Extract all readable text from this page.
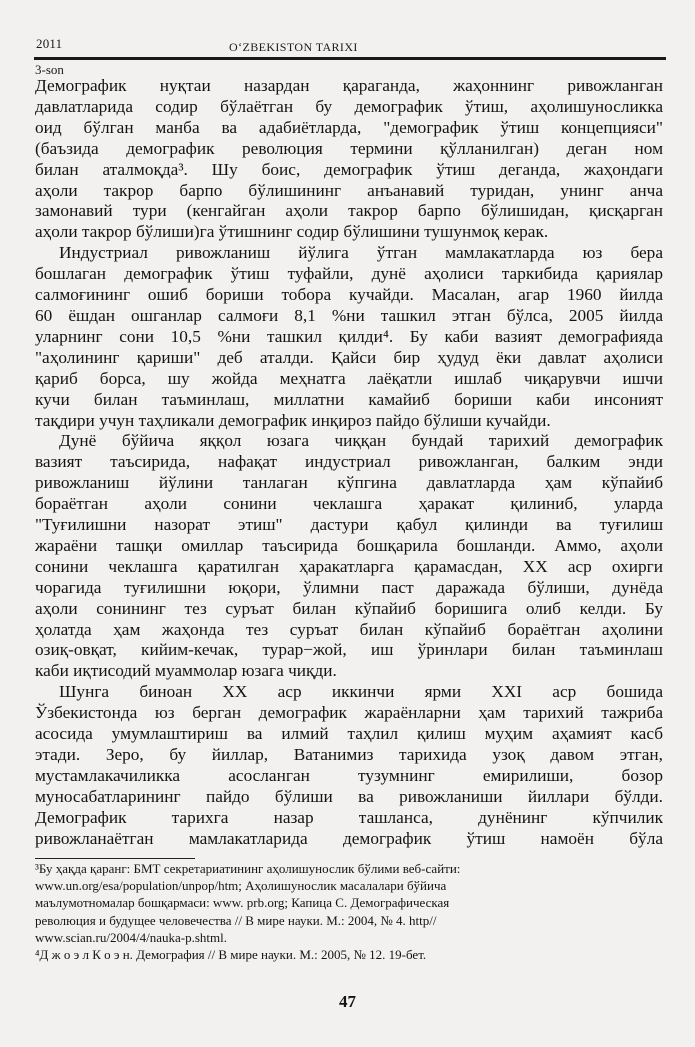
2011	O‘ZBEKISTON TARIXI
3-son
Демографик нуқтаи назардан қараганда, жаҳоннинг ривожланган
давлатларида содир бўлаётган бу демографик ўтиш, аҳолишуносликка
оид бўлган манба ва адабиётларда, "демографик ўтиш концепцияси"
(баъзида демографик революция термини қўлланилган) деган ном
билан аталмоқда³. Шу боис, демографик ўтиш деганда, жаҳондаги
аҳоли такрор барпо бўлишининг анъанавий туридан, унинг анча
замонавий тури (кенгайган аҳоли такрор барпо бўлишидан, қисқарган
аҳоли такрор бўлиши)га ўтишнинг содир бўлишини тушунмоқ керак.
Индустриал ривожланиш йўлига ўтган мамлакатларда юз бера
бошлаган демографик ўтиш туфайли, дунё аҳолиси таркибида қариялар
салмоғининг ошиб бориши тобора кучайди. Масалан, агар 1960 йилда
60 ёшдан ошганлар салмоғи 8,1 %ни ташкил этган бўлса, 2005 йилда
уларнинг сони 10,5 %ни ташкил қилди⁴. Бу каби вазият демографияда
"аҳолининг қариши" деб аталди. Қайси бир ҳудуд ёки давлат аҳолиси
қариб борса, шу жойда меҳнатга лаёқатли ишлаб чиқарувчи ишчи
кучи билан таъминлаш, миллатни камайиб бориши каби инсоният
тақдири учун таҳликали демографик инқироз пайдо бўлиши кучайди.
Дунё бўйича яққол юзага чиққан бундай тарихий демографик
вазият таъсирида, нафақат индустриал ривожланган, балким энди
ривожланиш йўлини танлаган кўпгина давлатларда ҳам кўпайиб
бораётган аҳоли сонини чеклашга ҳаракат қилиниб, уларда
"Туғилишни назорат этиш" дастури қабул қилинди ва туғилиш
жараёни ташқи омиллар таъсирида бошқарила бошланди. Аммо, аҳоли
сонини чеклашга қаратилган ҳаракатларга қарамасдан, XX аср охирги
чорагида туғилишни юқори, ўлимни паст даражада бўлиши, дунёда
аҳоли сонининг тез суръат билан кўпайиб боришига олиб келди. Бу
ҳолатда ҳам жаҳонда тез суръат билан кўпайиб бораётган аҳолини
озиқ-овқат, кийим-кечак, турар−жой, иш ўринлари билан таъминлаш
каби иқтисодий муаммолар юзага чиқди.
Шунга биноан XX аср иккинчи ярми XXI аср бошида
Ўзбекистонда юз берган демографик жараёнларни ҳам тарихий тажриба
асосида умумлаштириш ва илмий таҳлил қилиш муҳим аҳамият касб
этади. Зеро, бу йиллар, Ватанимиз тарихида узоқ давом этган,
мустамлакачиликка асосланган тузумнинг емирилиши, бозор
муносабатларининг пайдо бўлиши ва ривожланиши йиллари бўлди.
Демографик тарихга назар ташланса, дунёнинг кўпчилик
ривожланаётган мамлакатларида демографик ўтиш намоён бўла
³Бу ҳақда қаранг: БМТ секретариатининг аҳолишунослик бўлими веб-сайти:
www.un.org/esa/population/unpop/htm; Аҳолишунослик масалалари бўйича
маълумотномалар бошқармаси: www. prb.org; Капица С. Демографическая
революция и будущее человечества // В мире науки. М.: 2004, № 4. http//
www.scian.ru/2004/4/nauka-p.shtml.
⁴Д ж о э л К о э н. Демография // В мире науки. М.: 2005, № 12. 19-бет.
47
